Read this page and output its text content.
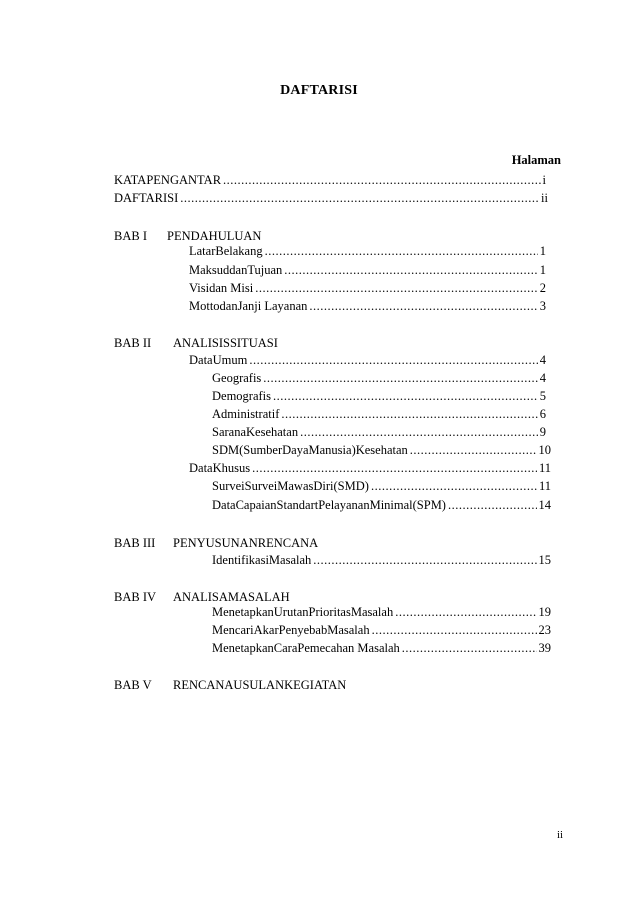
DAFTARISI
Halaman
KATAPENGANTAR .....	i
DAFTARISI .....	ii
BAB I PENDAHULUAN
LatarBelakang .....	1
MaksuddanTujuan .....	1
Visidan Misi .....	2
MottodanJanji Layanan .....	3
BAB II ANALISISSITUASI
DataUmum .....	4
Geografis .....	4
Demografis .....	5
Administratif .....	6
SaranaKesehatan .....	9
SDM(SumberDayaManusia)Kesehatan .....	10
DataKhusus .....	11
SurveiSurveiMawasDiri(SMD) .....	11
DataCapaianStandartPelayananMinimal(SPM) .....	14
BAB III PENYUSUNANRENCANA
IdentifikasiMasalah .....	15
BAB IV ANALISAMASALAH
MenetapkanUrutanPrioritasMasalah .....	19
MencariAkarPenyebabMasalah .....	23
MenetapkanCaraPemecahan Masalah .....	39
BAB V RENCANAUSULANKEGIATAN
ii
